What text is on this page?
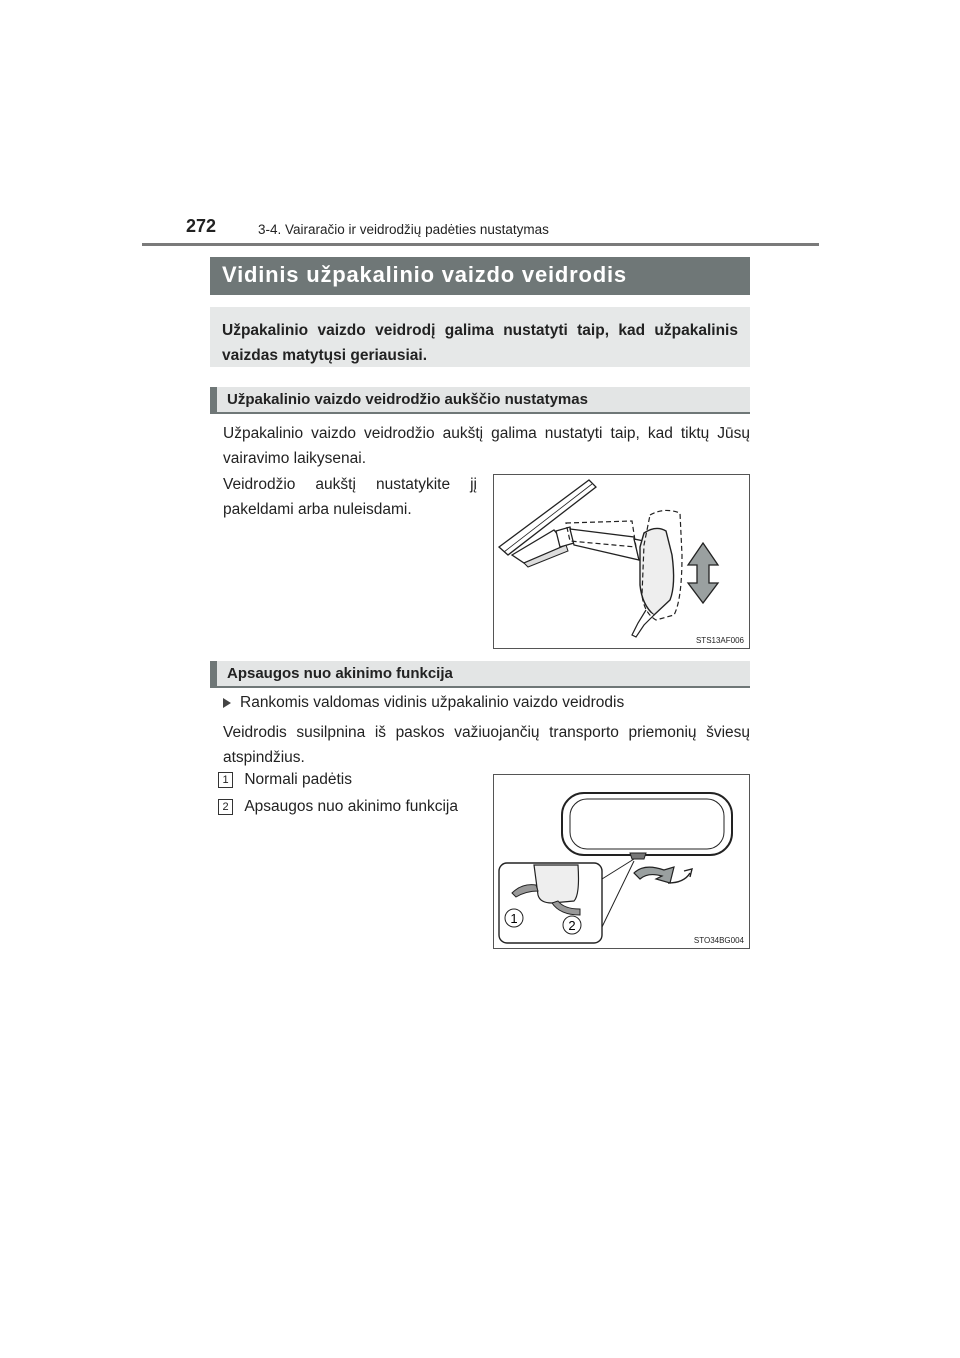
272	3-4. Vairaračio ir veidrodžių padėties nustatymas
Vidinis užpakalinio vaizdo veidrodis
Užpakalinio vaizdo veidrodį galima nustatyti taip, kad užpakalinis vaizdas matytųsi geriausiai.
Užpakalinio vaizdo veidrodžio aukščio nustatymas
Užpakalinio vaizdo veidrodžio aukštį galima nustatyti taip, kad tiktų Jūsų vairavimo laikysenai.
Veidrodžio aukštį nustatykite jį pakeldami arba nuleisdami.
STS13AF006
Apsaugos nuo akinimo funkcija
Rankomis valdomas vidinis užpakalinio vaizdo veidrodis
Veidrodis susilpnina iš paskos važiuojančių transporto priemonių šviesų atspindžius.
1 Normali padėtis
2 Apsaugos nuo akinimo funkcija
1	2
STO34BG004
